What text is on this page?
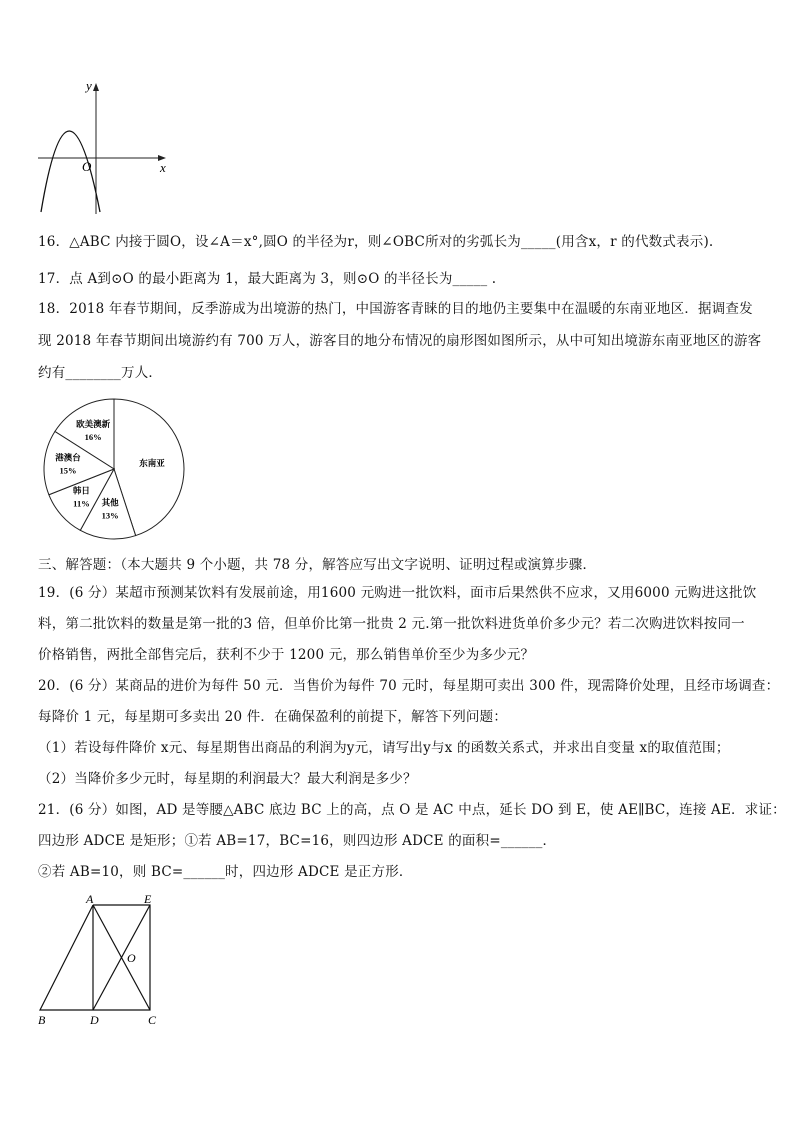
y
x
O
16．△ABC 内接于圆O，设∠A＝x°,圆O 的半径为r，则∠OBC所对的劣弧长为_____(用含x，r 的代数式表示).
17．点 A到⊙O 的最小距离为 1，最大距离为 3，则⊙O 的半径长为_____ .
18．2018 年春节期间，反季游成为出境游的热门，中国游客青睐的目的地仍主要集中在温暖的东南亚地区．据调查发
现 2018 年春节期间出境游约有 700 万人，游客目的地分布情况的扇形图如图所示，从中可知出境游东南亚地区的游客
约有________万人．
欧美澳新
16%
东南亚
其他
13%
韩日
11%
港澳台
15%
三、解答题：（本大题共 9 个小题，共 78 分，解答应写出文字说明、证明过程或演算步骤．
19．(6 分）某超市预测某饮料有发展前途，用1600 元购进一批饮料，面市后果然供不应求，又用6000 元购进这批饮
料，第二批饮料的数量是第一批的3 倍，但单价比第一批贵 2 元.第一批饮料进货单价多少元？若二次购进饮料按同一
价格销售，两批全部售完后，获利不少于 1200 元，那么销售单价至少为多少元？
20．(6 分）某商品的进价为每件 50 元．当售价为每件 70 元时，每星期可卖出 300 件，现需降价处理，且经市场调查：
每降价 1 元，每星期可多卖出 20 件．在确保盈利的前提下，解答下列问题：
（1）若设每件降价 x元、每星期售出商品的利润为y元，请写出y与x 的函数关系式，并求出自变量 x的取值范围；
（2）当降价多少元时，每星期的利润最大？最大利润是多少？
21．(6 分）如图，AD 是等腰△ABC 底边 BC 上的高，点 O 是 AC 中点，延长 DO 到 E，使 AE∥BC，连接 AE．求证：
四边形 ADCE 是矩形；①若 AB=17，BC=16，则四边形 ADCE 的面积=______．
②若 AB=10，则 BC=______时，四边形 ADCE 是正方形．
A	E
O
B	D	C
